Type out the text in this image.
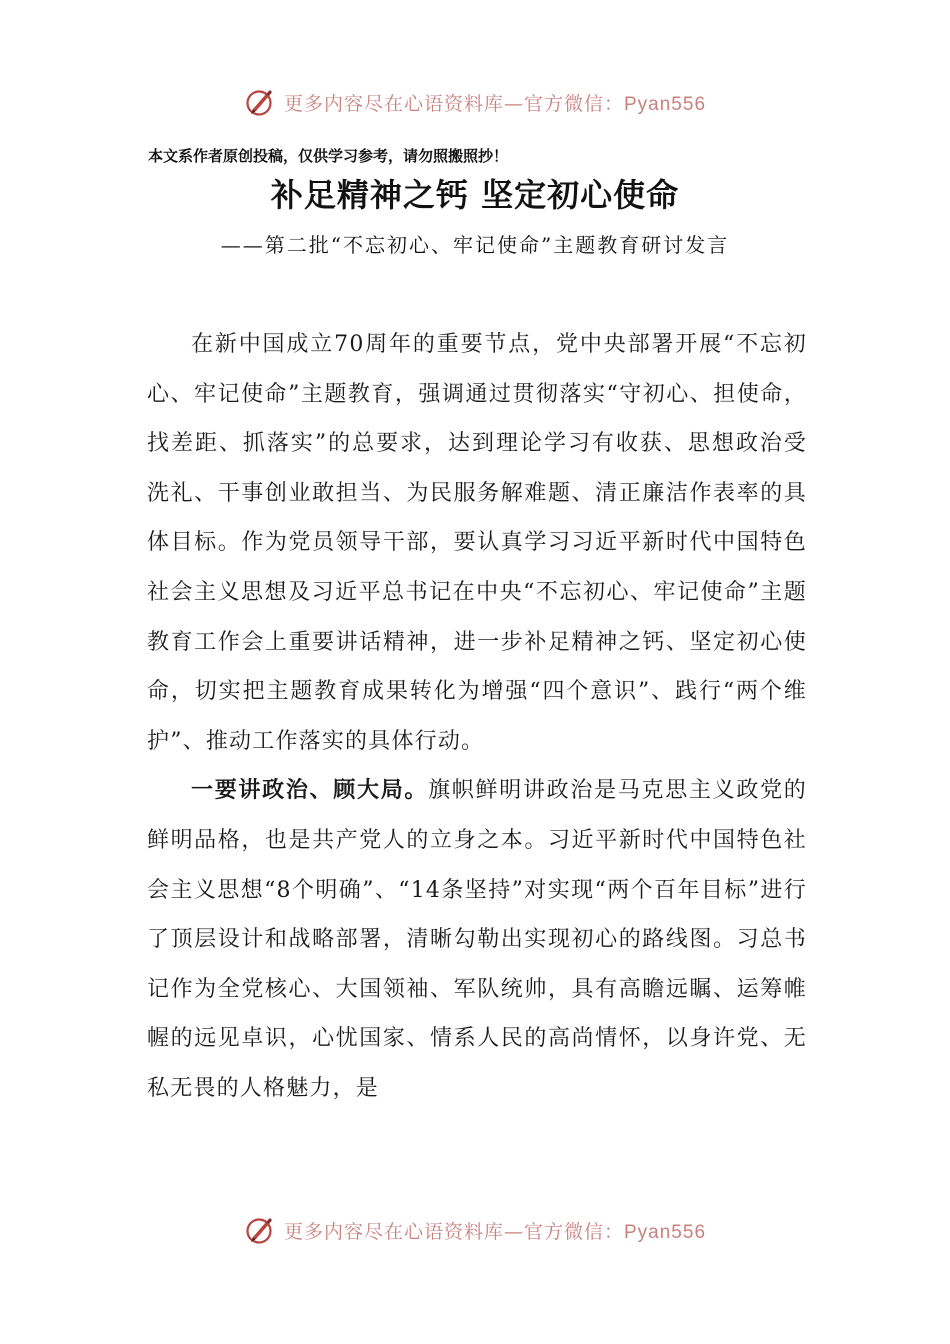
更多内容尽在心语资料库—官方微信：Pyan556
本文系作者原创投稿，仅供学习参考，请勿照搬照抄！
补足精神之钙 坚定初心使命
——第二批“不忘初心、牢记使命”主题教育研讨发言

在新中国成立70周年的重要节点，党中央部署开展“不忘初心、牢记使命”主题教育，强调通过贯彻落实“守初心、担使命，找差距、抓落实”的总要求，达到理论学习有收获、思想政治受洗礼、干事创业敢担当、为民服务解难题、清正廉洁作表率的具体目标。作为党员领导干部，要认真学习习近平新时代中国特色社会主义思想及习近平总书记在中央“不忘初心、牢记使命”主题教育工作会上重要讲话精神，进一步补足精神之钙、坚定初心使命，切实把主题教育成果转化为增强“四个意识”、践行“两个维护”、推动工作落实的具体行动。

一要讲政治、顾大局。旗帜鲜明讲政治是马克思主义政党的鲜明品格，也是共产党人的立身之本。习近平新时代中国特色社会主义思想“8个明确”、“14条坚持”对实现“两个百年目标”进行了顶层设计和战略部署，清晰勾勒出实现初心的路线图。习总书记作为全党核心、大国领袖、军队统帅，具有高瞻远瞩、运筹帷幄的远见卓识，心忧国家、情系人民的高尚情怀，以身许党、无私无畏的人格魅力，是

更多内容尽在心语资料库—官方微信：Pyan556
